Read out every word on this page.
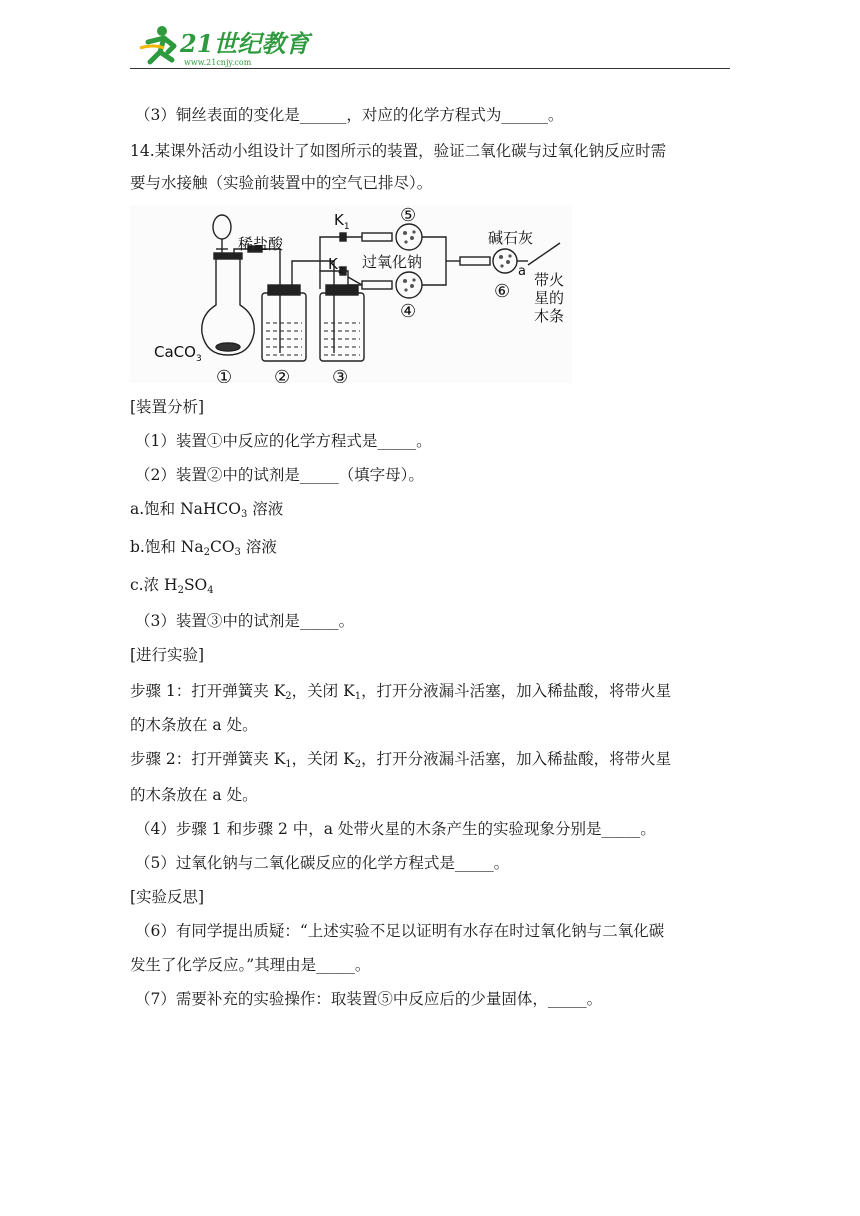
21世纪教育
www.21cnjy.com
（3）铜丝表面的变化是______，对应的化学方程式为______。
14.某课外活动小组设计了如图所示的装置，验证二氧化碳与过氧化钠反应时需
要与水接触（实验前装置中的空气已排尽）。
稀盐酸
CaCO$_3$
$K_1$
$K_2$ 过氧化钠
碱石灰
a 带火
星的
木条
① ② ③
④
⑤
⑥
[装置分析]
（1）装置①中反应的化学方程式是_____。
（2）装置②中的试剂是_____（填字母）。
a.饱和 NaHCO$_3$ 溶液
b.饱和 $Na_2CO_3$ 溶液
c.浓 $H_2SO_4$
（3）装置③中的试剂是_____。
[进行实验]
步骤 1：打开弹簧夹 $K_2$，关闭 $K_1$，打开分液漏斗活塞，加入稀盐酸，将带火星
的木条放在 a 处。
步骤 2：打开弹簧夹 $K_1$，关闭 $K_2$，打开分液漏斗活塞，加入稀盐酸，将带火星
的木条放在 a 处。
（4）步骤 1 和步骤 2 中，a 处带火星的木条产生的实验现象分别是_____。
（5）过氧化钠与二氧化碳反应的化学方程式是_____。
[实验反思]
（6）有同学提出质疑：“上述实验不足以证明有水存在时过氧化钠与二氧化碳
发生了化学反应。”其理由是_____。
（7）需要补充的实验操作：取装置⑤中反应后的少量固体，_____。
